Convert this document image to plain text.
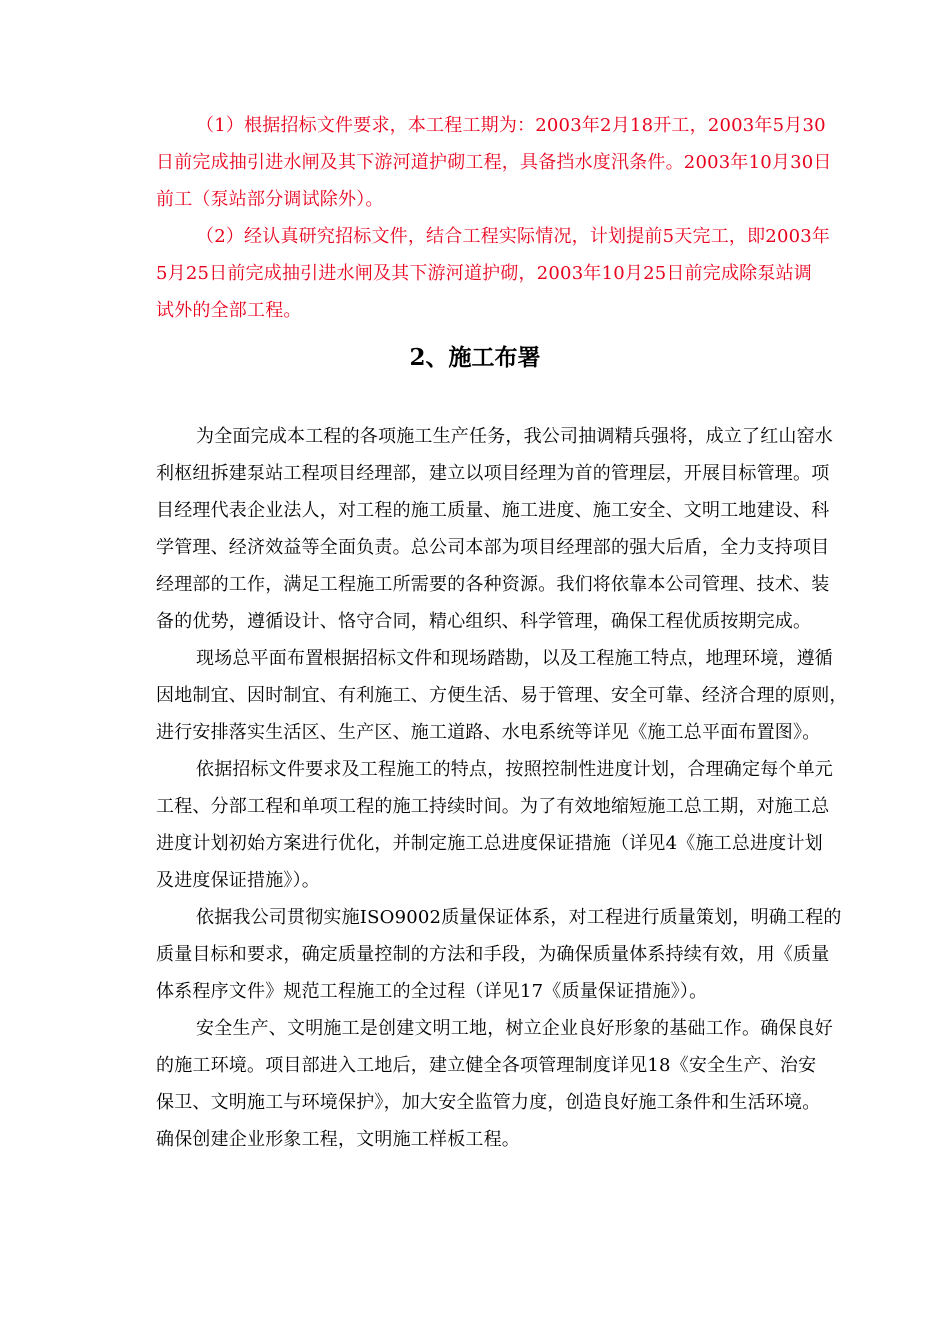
（1）根据招标文件要求，本工程工期为：2003年2月18开工，2003年5月30
日前完成抽引进水闸及其下游河道护砌工程，具备挡水度汛条件。2003年10月30日
前工（泵站部分调试除外）。
（2）经认真研究招标文件，结合工程实际情况，计划提前5天完工，即2003年
5月25日前完成抽引进水闸及其下游河道护砌，2003年10月25日前完成除泵站调
试外的全部工程。
2、施工布署
为全面完成本工程的各项施工生产任务，我公司抽调精兵强将，成立了红山窑水
利枢纽拆建泵站工程项目经理部，建立以项目经理为首的管理层，开展目标管理。项
目经理代表企业法人，对工程的施工质量、施工进度、施工安全、文明工地建设、科
学管理、经济效益等全面负责。总公司本部为项目经理部的强大后盾，全力支持项目
经理部的工作，满足工程施工所需要的各种资源。我们将依靠本公司管理、技术、装
备的优势，遵循设计、恪守合同，精心组织、科学管理，确保工程优质按期完成。
现场总平面布置根据招标文件和现场踏勘，以及工程施工特点，地理环境，遵循
因地制宜、因时制宜、有利施工、方便生活、易于管理、安全可靠、经济合理的原则，
进行安排落实生活区、生产区、施工道路、水电系统等详见《施工总平面布置图》。
依据招标文件要求及工程施工的特点，按照控制性进度计划，合理确定每个单元
工程、分部工程和单项工程的施工持续时间。为了有效地缩短施工总工期，对施工总
进度计划初始方案进行优化，并制定施工总进度保证措施（详见4《施工总进度计划
及进度保证措施》）。
依据我公司贯彻实施ISO9002质量保证体系，对工程进行质量策划，明确工程的
质量目标和要求，确定质量控制的方法和手段，为确保质量体系持续有效，用《质量
体系程序文件》规范工程施工的全过程（详见17《质量保证措施》）。
安全生产、文明施工是创建文明工地，树立企业良好形象的基础工作。确保良好
的施工环境。项目部进入工地后，建立健全各项管理制度详见18《安全生产、治安
保卫、文明施工与环境保护》，加大安全监管力度，创造良好施工条件和生活环境。
确保创建企业形象工程，文明施工样板工程。
